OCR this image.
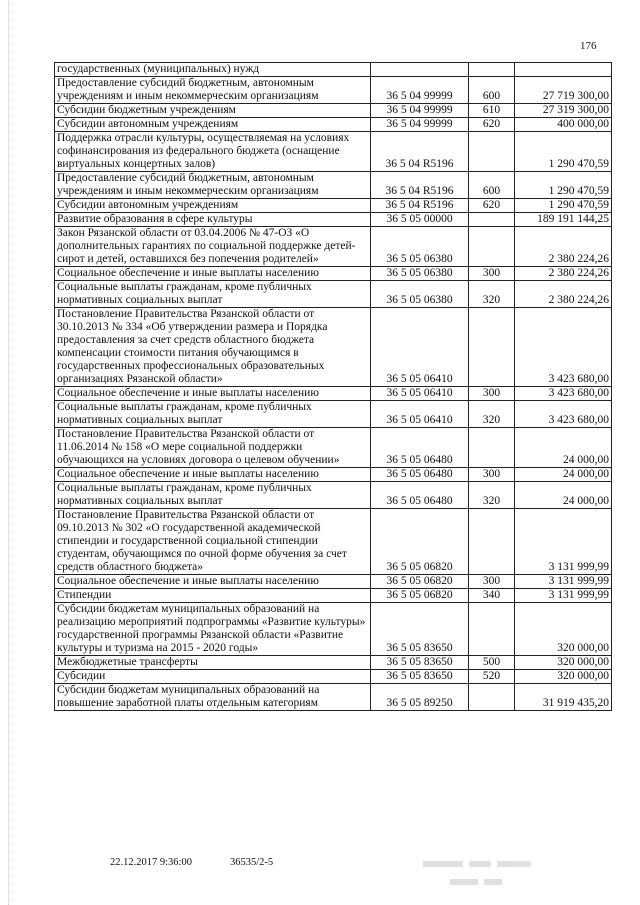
176
государственных (муниципальных) нужд			
Предоставление субсидий бюджетным, автономным учреждениям и иным некоммерческим организациям	36 5 04 99999	600	27 719 300,00
Субсидии бюджетным учреждениям	36 5 04 99999	610	27 319 300,00
Субсидии автономным учреждениям	36 5 04 99999	620	400 000,00
Поддержка отрасли культуры, осуществляемая на условиях софинансирования из федерального бюджета (оснащение виртуальных концертных залов)	36 5 04 R5196		1 290 470,59
Предоставление субсидий бюджетным, автономным учреждениям и иным некоммерческим организациям	36 5 04 R5196	600	1 290 470,59
Субсидии автономным учреждениям	36 5 04 R5196	620	1 290 470,59
Развитие образования в сфере культуры	36 5 05 00000		189 191 144,25
Закон Рязанской области от 03.04.2006 № 47-ОЗ «О дополнительных гарантиях по социальной поддержке детей-сирот и детей, оставшихся без попечения родителей»	36 5 05 06380		2 380 224,26
Социальное обеспечение и иные выплаты населению	36 5 05 06380	300	2 380 224,26
Социальные выплаты гражданам, кроме публичных нормативных социальных выплат	36 5 05 06380	320	2 380 224,26
Постановление Правительства Рязанской области от 30.10.2013 № 334 «Об утверждении размера и Порядка предоставления за счет средств областного бюджета компенсации стоимости питания обучающимся в государственных профессиональных образовательных организациях Рязанской области»	36 5 05 06410		3 423 680,00
Социальное обеспечение и иные выплаты населению	36 5 05 06410	300	3 423 680,00
Социальные выплаты гражданам, кроме публичных нормативных социальных выплат	36 5 05 06410	320	3 423 680,00
Постановление Правительства Рязанской области от 11.06.2014 № 158 «О мере социальной поддержки обучающихся на условиях договора о целевом обучении»	36 5 05 06480		24 000,00
Социальное обеспечение и иные выплаты населению	36 5 05 06480	300	24 000,00
Социальные выплаты гражданам, кроме публичных нормативных социальных выплат	36 5 05 06480	320	24 000,00
Постановление Правительства Рязанской области от 09.10.2013 № 302 «О государственной академической стипендии и государственной социальной стипендии студентам, обучающимся по очной форме обучения за счет средств областного бюджета»	36 5 05 06820		3 131 999,99
Социальное обеспечение и иные выплаты населению	36 5 05 06820	300	3 131 999,99
Стипендии	36 5 05 06820	340	3 131 999,99
Субсидии бюджетам муниципальных образований на реализацию мероприятий подпрограммы «Развитие культуры» государственной программы Рязанской области «Развитие культуры и туризма на 2015 - 2020 годы»	36 5 05 83650		320 000,00
Межбюджетные трансферты	36 5 05 83650	500	320 000,00
Субсидии	36 5 05 83650	520	320 000,00
Субсидии бюджетам муниципальных образований на повышение заработной платы отдельным категориям	36 5 05 89250		31 919 435,20
22.12.2017 9:36:00	36535/2-5
